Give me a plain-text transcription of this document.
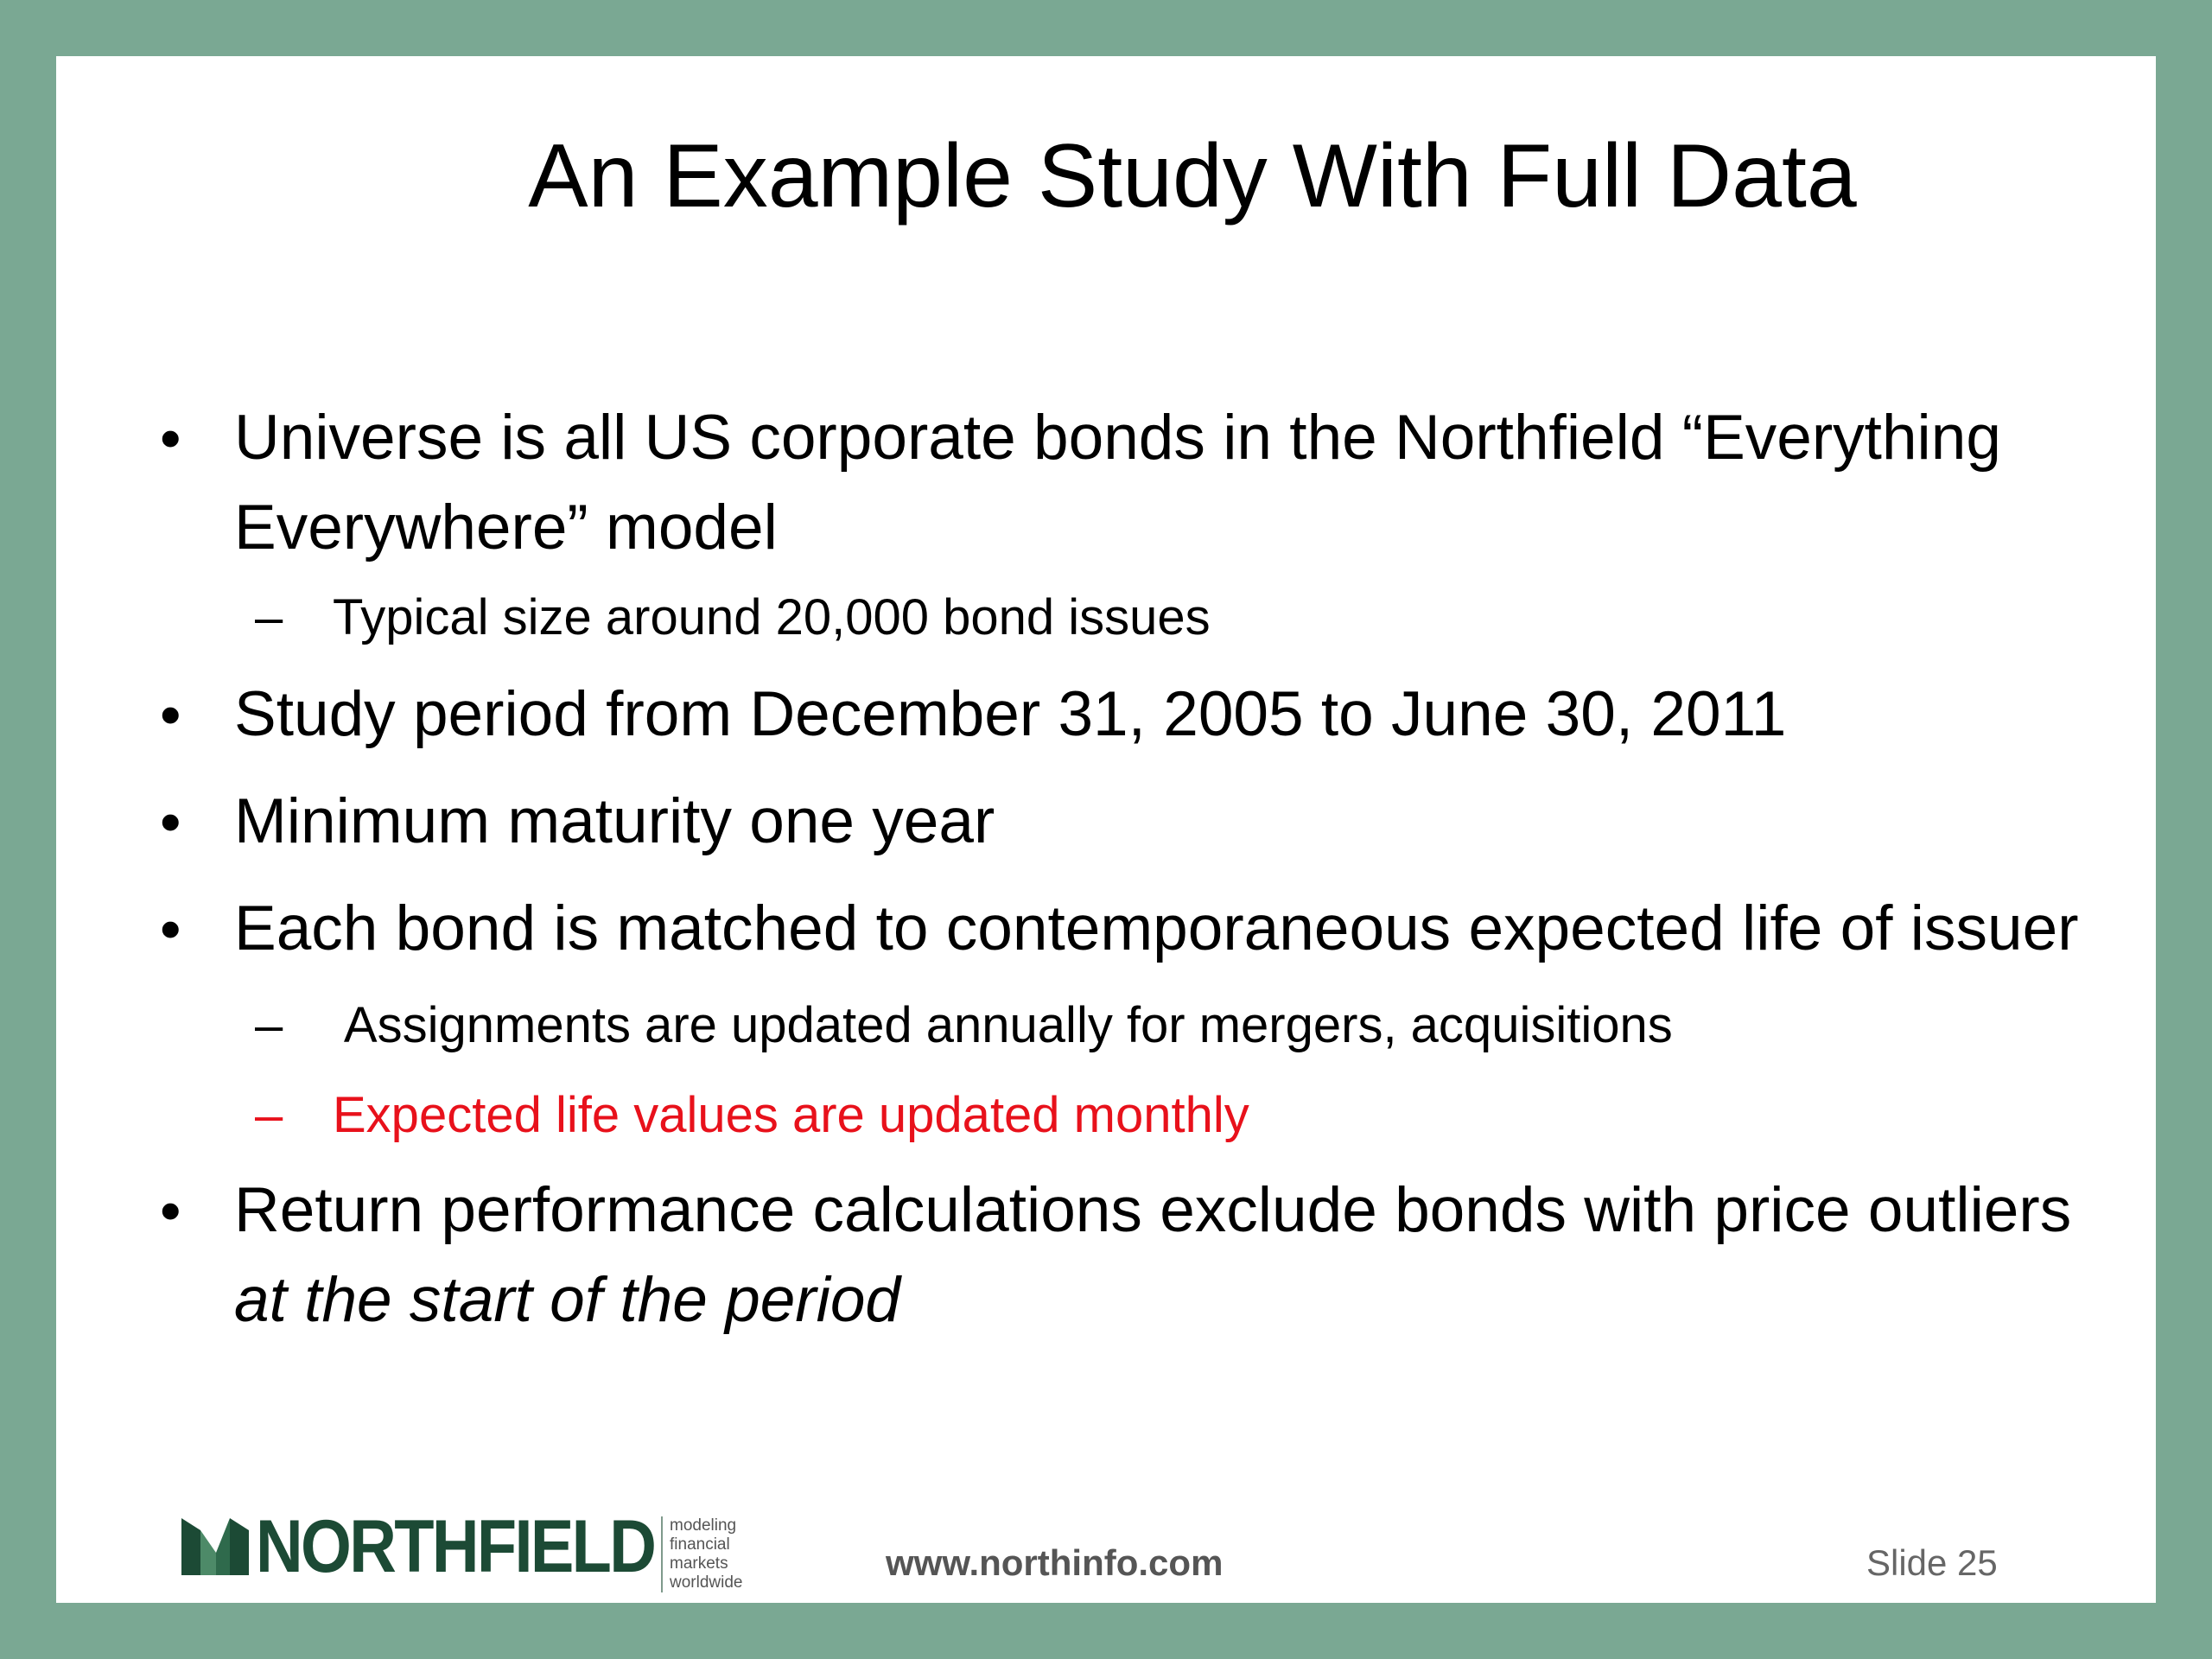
An Example Study With Full Data
• Universe is all US corporate bonds in the Northfield “Everything Everywhere” model
– Typical size around 20,000 bond issues
• Study period from December 31, 2005 to June 30, 2011
• Minimum maturity one year
• Each bond is matched to contemporaneous expected life of issuer
– Assignments are updated annually for mergers, acquisitions
– Expected life values are updated monthly
• Return performance calculations exclude bonds with price outliers at the start of the period
NORTHFIELD modeling
financial markets
worldwide	www.northinfo.com	Slide 25
